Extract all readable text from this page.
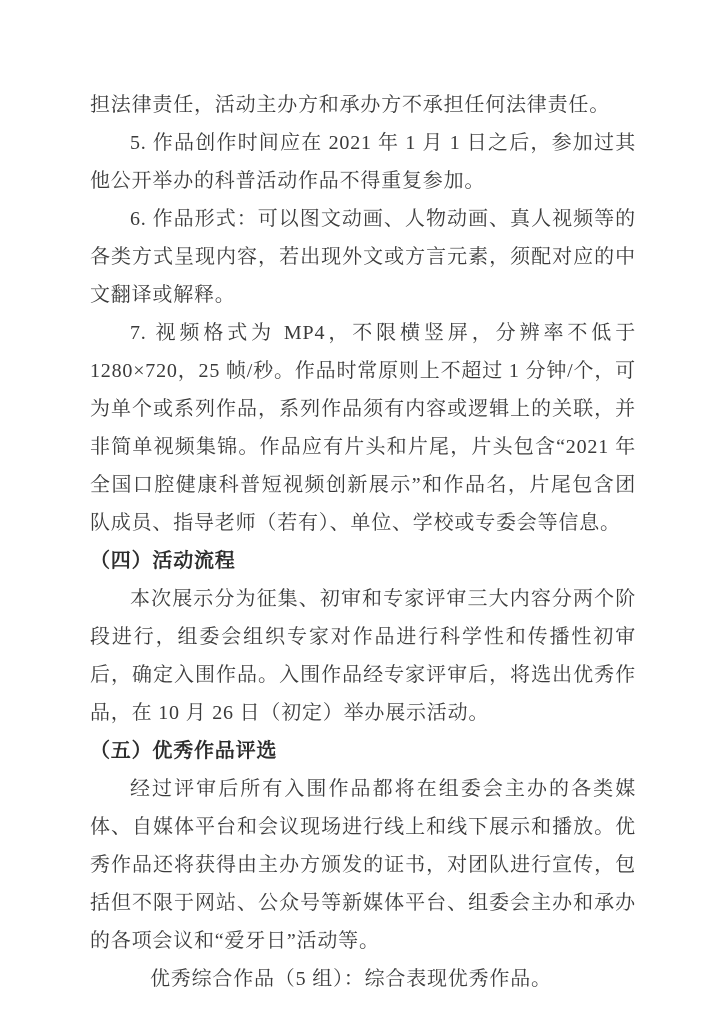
担法律责任，活动主办方和承办方不承担任何法律责任。

5. 作品创作时间应在 2021 年 1 月 1 日之后，参加过其他公开举办的科普活动作品不得重复参加。

6. 作品形式：可以图文动画、人物动画、真人视频等的各类方式呈现内容，若出现外文或方言元素，须配对应的中文翻译或解释。

7. 视频格式为 MP4，不限横竖屏，分辨率不低于 1280×720，25 帧/秒。作品时常原则上不超过 1 分钟/个，可为单个或系列作品，系列作品须有内容或逻辑上的关联，并非简单视频集锦。作品应有片头和片尾，片头包含“2021 年全国口腔健康科普短视频创新展示”和作品名，片尾包含团队成员、指导老师（若有）、单位、学校或专委会等信息。

（四）活动流程

本次展示分为征集、初审和专家评审三大内容分两个阶段进行，组委会组织专家对作品进行科学性和传播性初审后，确定入围作品。入围作品经专家评审后，将选出优秀作品，在 10 月 26 日（初定）举办展示活动。

（五）优秀作品评选

经过评审后所有入围作品都将在组委会主办的各类媒体、自媒体平台和会议现场进行线上和线下展示和播放。优秀作品还将获得由主办方颁发的证书，对团队进行宣传，包括但不限于网站、公众号等新媒体平台、组委会主办和承办的各项会议和“爱牙日”活动等。

优秀综合作品（5 组）：综合表现优秀作品。
